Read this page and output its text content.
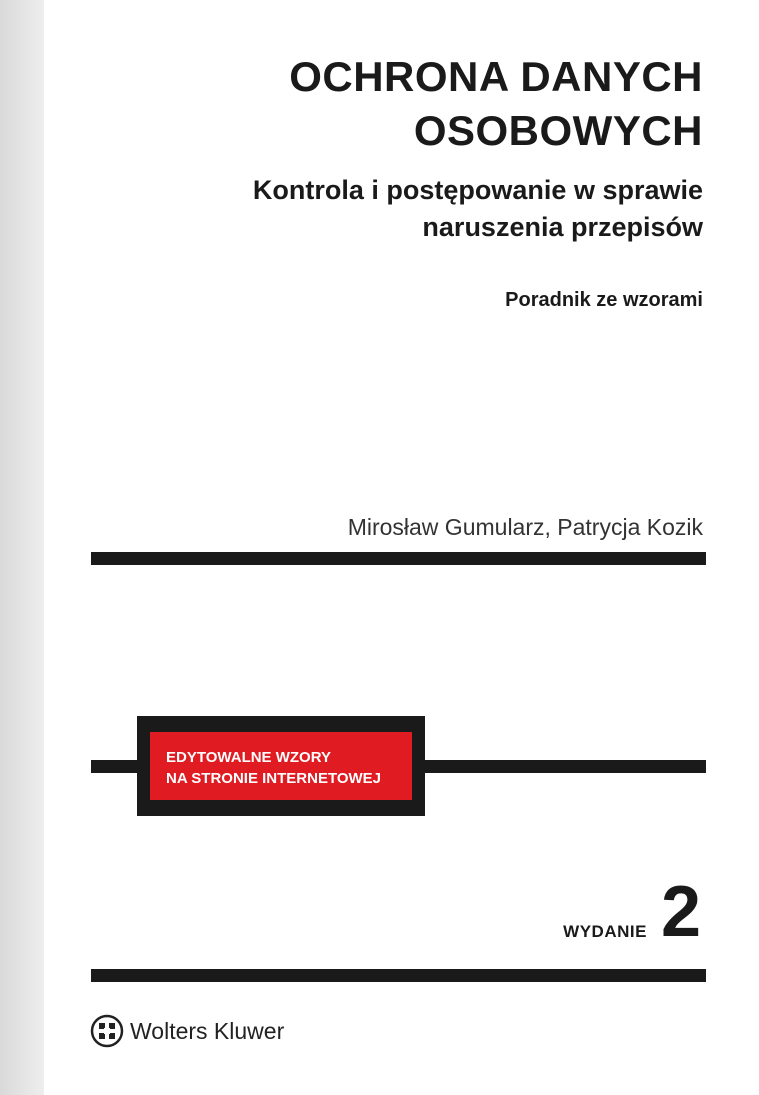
OCHRONA DANYCH
OSOBOWYCH
Kontrola i postępowanie w sprawie
naruszenia przepisów
Poradnik ze wzorami
Mirosław Gumularz, Patrycja Kozik
EDYTOWALNE WZORY
NA STRONIE INTERNETOWEJ
WYDANIE 2
Wolters Kluwer
